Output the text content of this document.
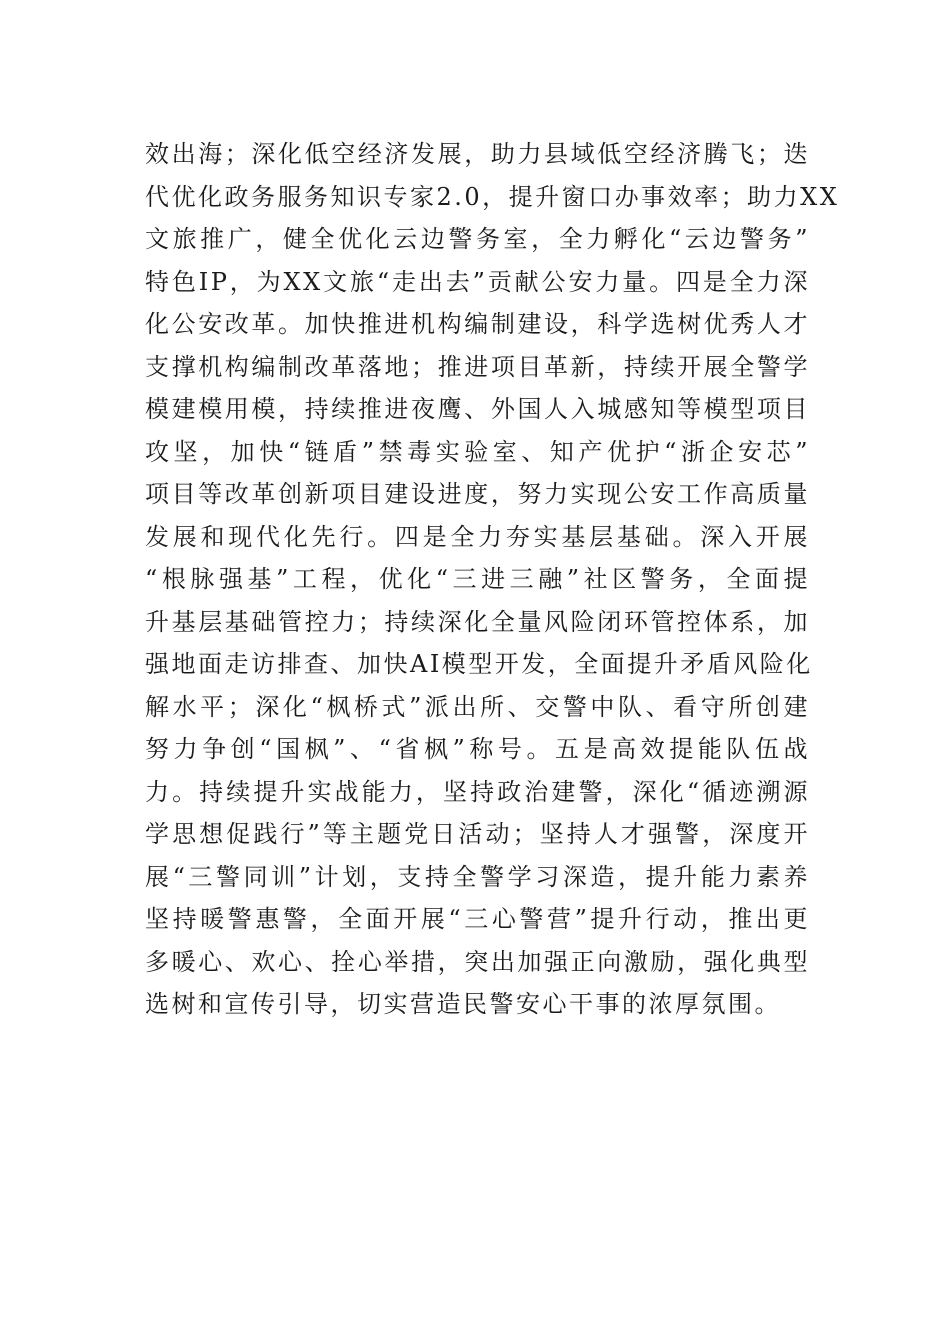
效出海；深化低空经济发展，助力县域低空经济腾飞；迭
代优化政务服务知识专家2.0，提升窗口办事效率；助力XX
文旅推广，健全优化云边警务室，全力孵化“云边警务”
特色IP，为XX文旅“走出去”贡献公安力量。四是全力深
化公安改革。加快推进机构编制建设，科学选树优秀人才
支撑机构编制改革落地；推进项目革新，持续开展全警学
模建模用模，持续推进夜鹰、外国人入城感知等模型项目
攻坚，加快“链盾”禁毒实验室、知产优护“浙企安芯”
项目等改革创新项目建设进度，努力实现公安工作高质量
发展和现代化先行。四是全力夯实基层基础。深入开展
“根脉强基”工程，优化“三进三融”社区警务，全面提
升基层基础管控力；持续深化全量风险闭环管控体系，加
强地面走访排查、加快AI模型开发，全面提升矛盾风险化
解水平；深化“枫桥式”派出所、交警中队、看守所创建
努力争创“国枫”、“省枫”称号。五是高效提能队伍战
力。持续提升实战能力，坚持政治建警，深化“循迹溯源
学思想促践行”等主题党日活动；坚持人才强警，深度开
展“三警同训”计划，支持全警学习深造，提升能力素养
坚持暖警惠警，全面开展“三心警营”提升行动，推出更
多暖心、欢心、拴心举措，突出加强正向激励，强化典型
选树和宣传引导，切实营造民警安心干事的浓厚氛围。
